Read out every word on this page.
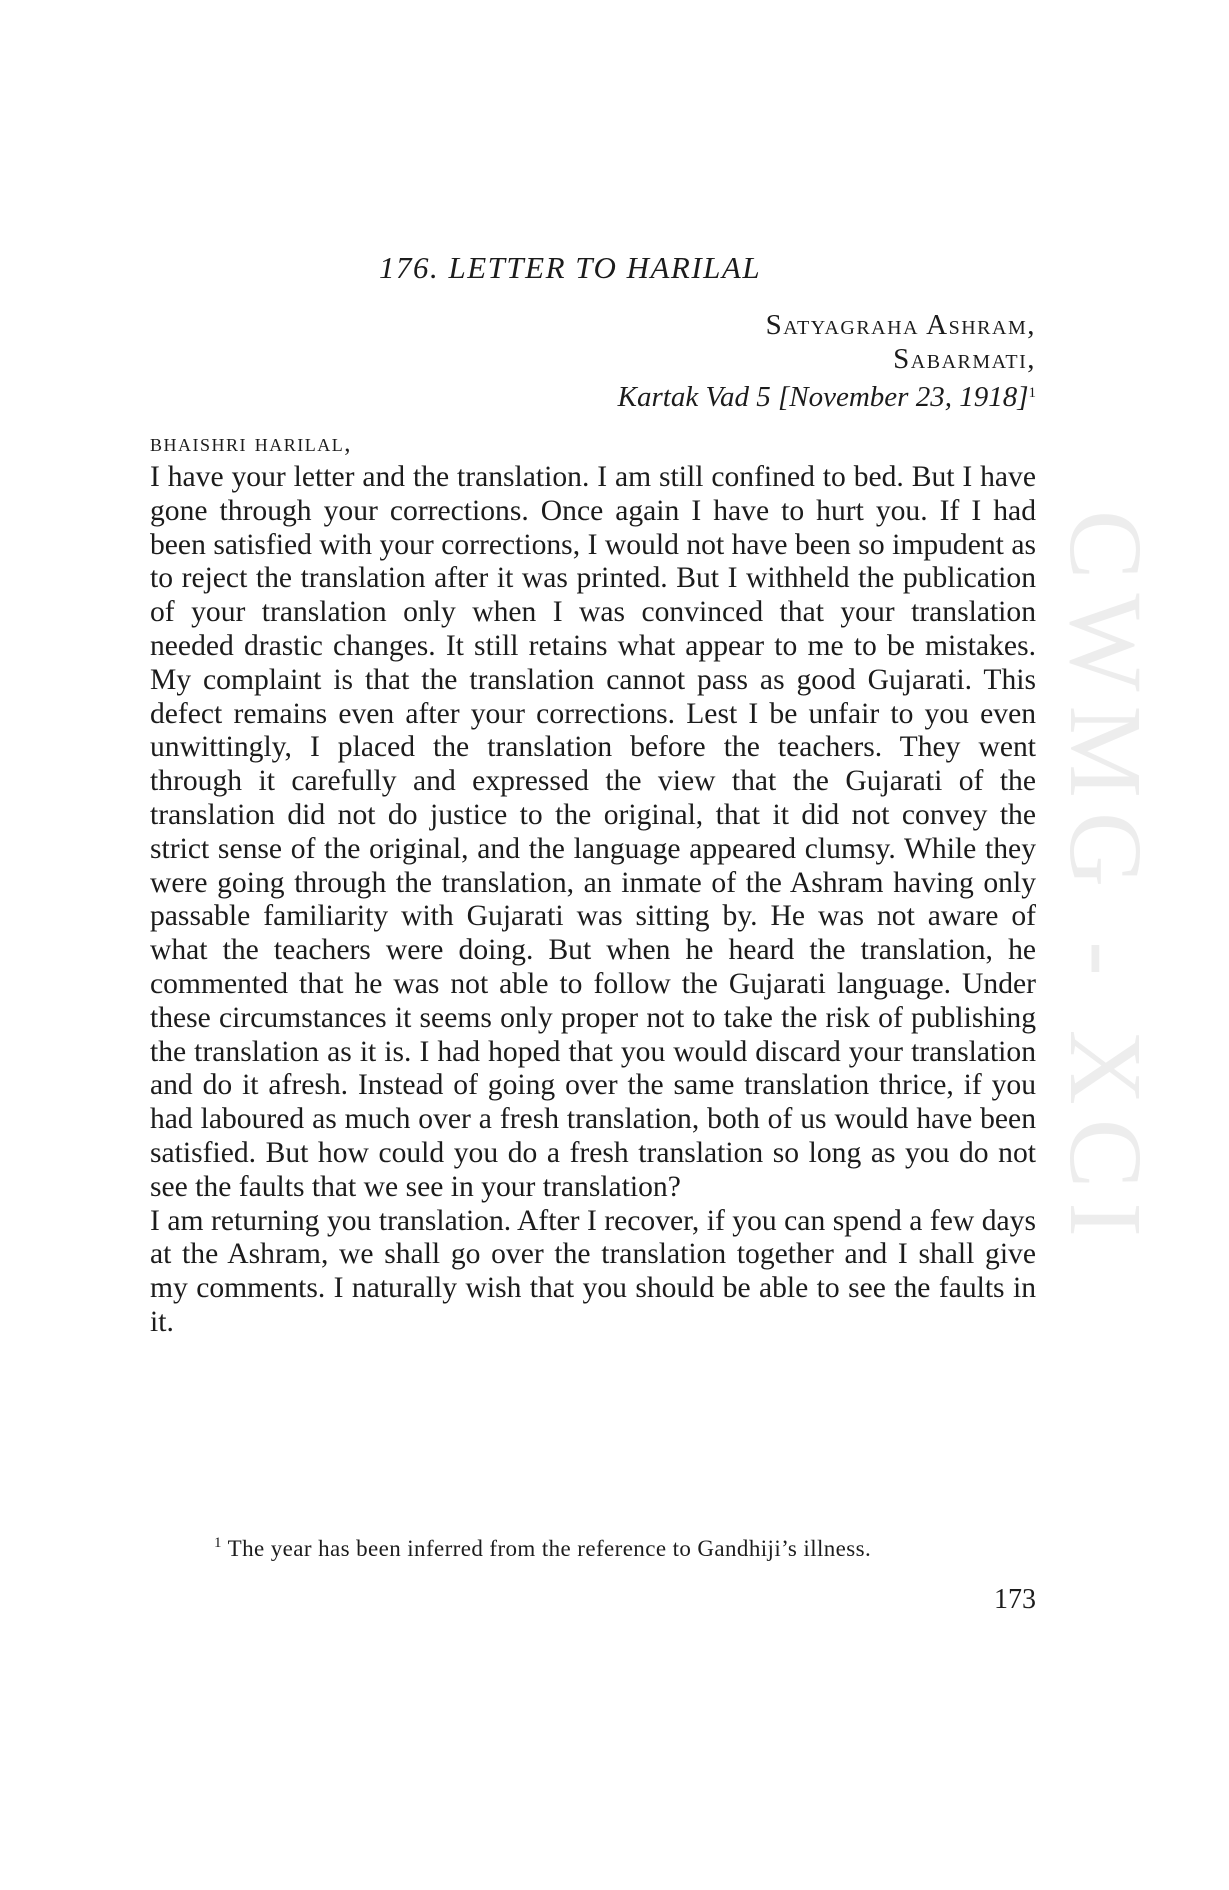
CWMG - XCI
176. LETTER TO HARILAL
Satyagraha Ashram,
Sabarmati,
Kartak Vad 5 [November 23, 1918]$^1$
bhaishri harilal,

I have your letter and the translation. I am still confined to bed. But I have gone through your corrections. Once again I have to hurt you. If I had been satisfied with your corrections, I would not have been so impudent as to reject the translation after it was printed. But I withheld the publication of your translation only when I was convinced that your translation needed drastic changes. It still retains what appear to me to be mistakes. My complaint is that the translation cannot pass as good Gujarati. This defect remains even after your corrections. Lest I be unfair to you even unwittingly, I placed the translation before the teachers. They went through it carefully and expressed the view that the Gujarati of the translation did not do justice to the original, that it did not convey the strict sense of the original, and the language appeared clumsy. While they were going through the translation, an inmate of the Ashram having only passable familiarity with Gujarati was sitting by. He was not aware of what the teachers were doing. But when he heard the translation, he commented that he was not able to follow the Gujarati language. Under these circumstances it seems only proper not to take the risk of publishing the translation as it is. I had hoped that you would discard your translation and do it afresh. Instead of going over the same translation thrice, if you had laboured as much over a fresh translation, both of us would have been satisfied. But how could you do a fresh translation so long as you do not see the faults that we see in your translation?

I am returning you translation. After I recover, if you can spend a few days at the Ashram, we shall go over the translation together and I shall give my comments. I naturally wish that you should be able to see the faults in it.

$^1$ The year has been inferred from the reference to Gandhiji’s illness.
173
